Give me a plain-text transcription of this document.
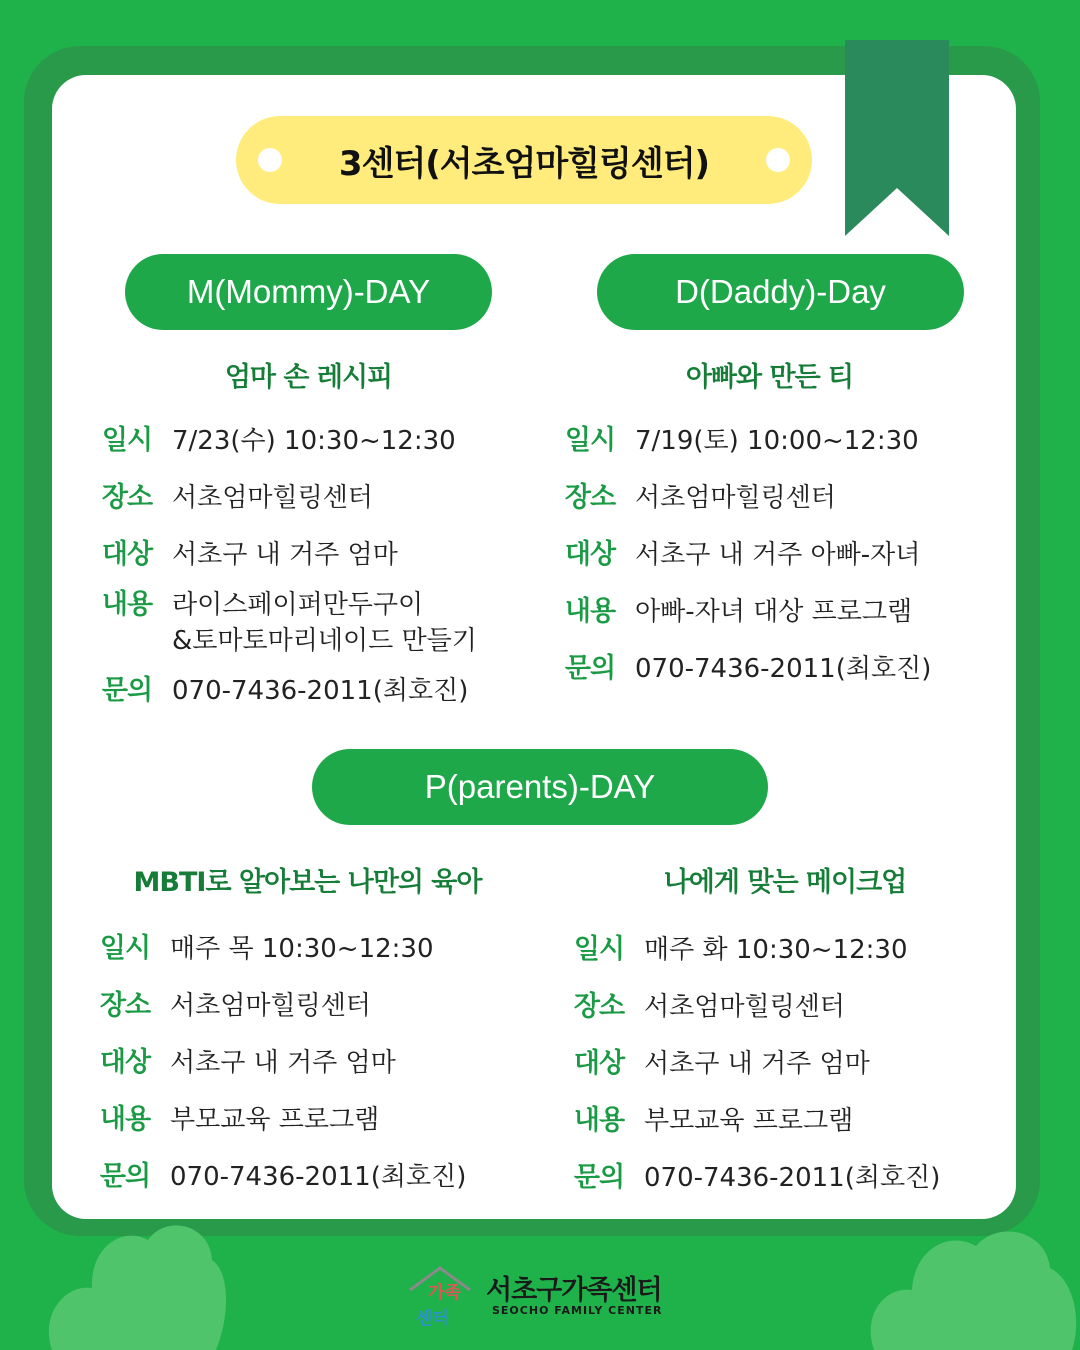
3센터(서초엄마힐링센터)
M(Mommy)-DAY
엄마 손 레시피
일시 7/23(수) 10:30~12:30
장소 서초엄마힐링센터
대상 서초구 내 거주 엄마
내용 라이스페이퍼만두구이
&토마토마리네이드 만들기
문의 070-7436-2011(최호진)
D(Daddy)-Day
아빠와 만든 티
일시 7/19(토) 10:00~12:30
장소 서초엄마힐링센터
대상 서초구 내 거주 아빠-자녀
내용 아빠-자녀 대상 프로그램
문의 070-7436-2011(최호진)
P(parents)-DAY
MBTI로 알아보는 나만의 육아
일시 매주 목 10:30~12:30
장소 서초엄마힐링센터
대상 서초구 내 거주 엄마
내용 부모교육 프로그램
문의 070-7436-2011(최호진)
나에게 맞는 메이크업
일시 매주 화 10:30~12:30
장소 서초엄마힐링센터
대상 서초구 내 거주 엄마
내용 부모교육 프로그램
문의 070-7436-2011(최호진)
가족
센터
서초구가족센터
SEOCHO FAMILY CENTER
